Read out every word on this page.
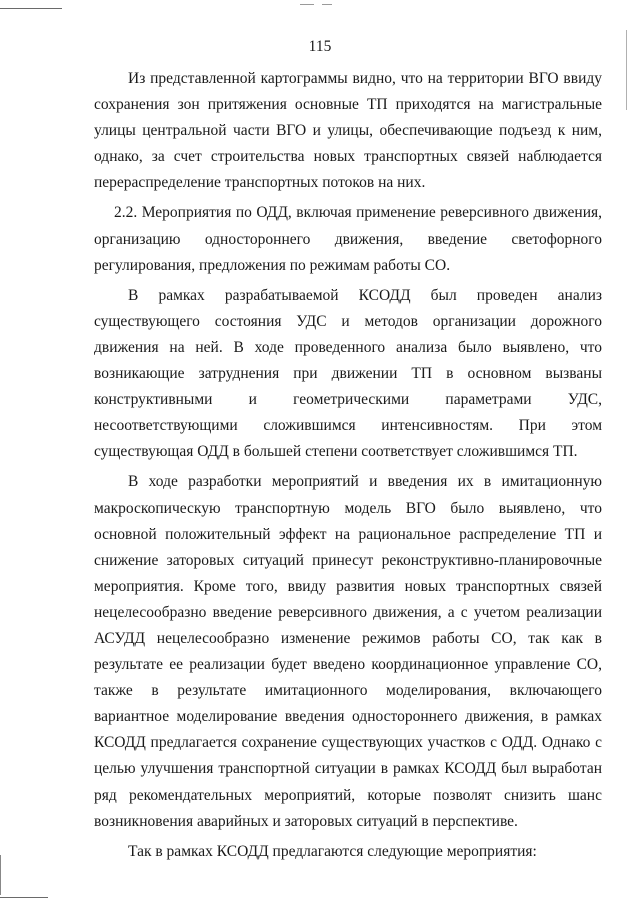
115

Из представленной картограммы видно, что на территории ВГО ввиду сохранения зон притяжения основные ТП приходятся на магистральные улицы центральной части ВГО и улицы, обеспечивающие подъезд к ним, однако, за счет строительства новых транспортных связей наблюдается перераспределение транспортных потоков на них.

2.2. Мероприятия по ОДД, включая применение реверсивного движения, организацию одностороннего движения, введение светофорного регулирования, предложения по режимам работы СО.

В рамках разрабатываемой КСОДД был проведен анализ существующего состояния УДС и методов организации дорожного движения на ней. В ходе проведенного анализа было выявлено, что возникающие затруднения при движении ТП в основном вызваны конструктивными и геометрическими параметрами УДС, несоответствующими сложившимся интенсивностям. При этом существующая ОДД в большей степени соответствует сложившимся ТП.

В ходе разработки мероприятий и введения их в имитационную макроскопическую транспортную модель ВГО было выявлено, что основной положительный эффект на рациональное распределение ТП и снижение заторовых ситуаций принесут реконструктивно-планировочные мероприятия. Кроме того, ввиду развития новых транспортных связей нецелесообразно введение реверсивного движения, а с учетом реализации АСУДД нецелесообразно изменение режимов работы СО, так как в результате ее реализации будет введено координационное управление СО, также в результате имитационного моделирования, включающего вариантное моделирование введения одностороннего движения, в рамках КСОДД предлагается сохранение существующих участков с ОДД. Однако с целью улучшения транспортной ситуации в рамках КСОДД был выработан ряд рекомендательных мероприятий, которые позволят снизить шанс возникновения аварийных и заторовых ситуаций в перспективе.

Так в рамках КСОДД предлагаются следующие мероприятия:
